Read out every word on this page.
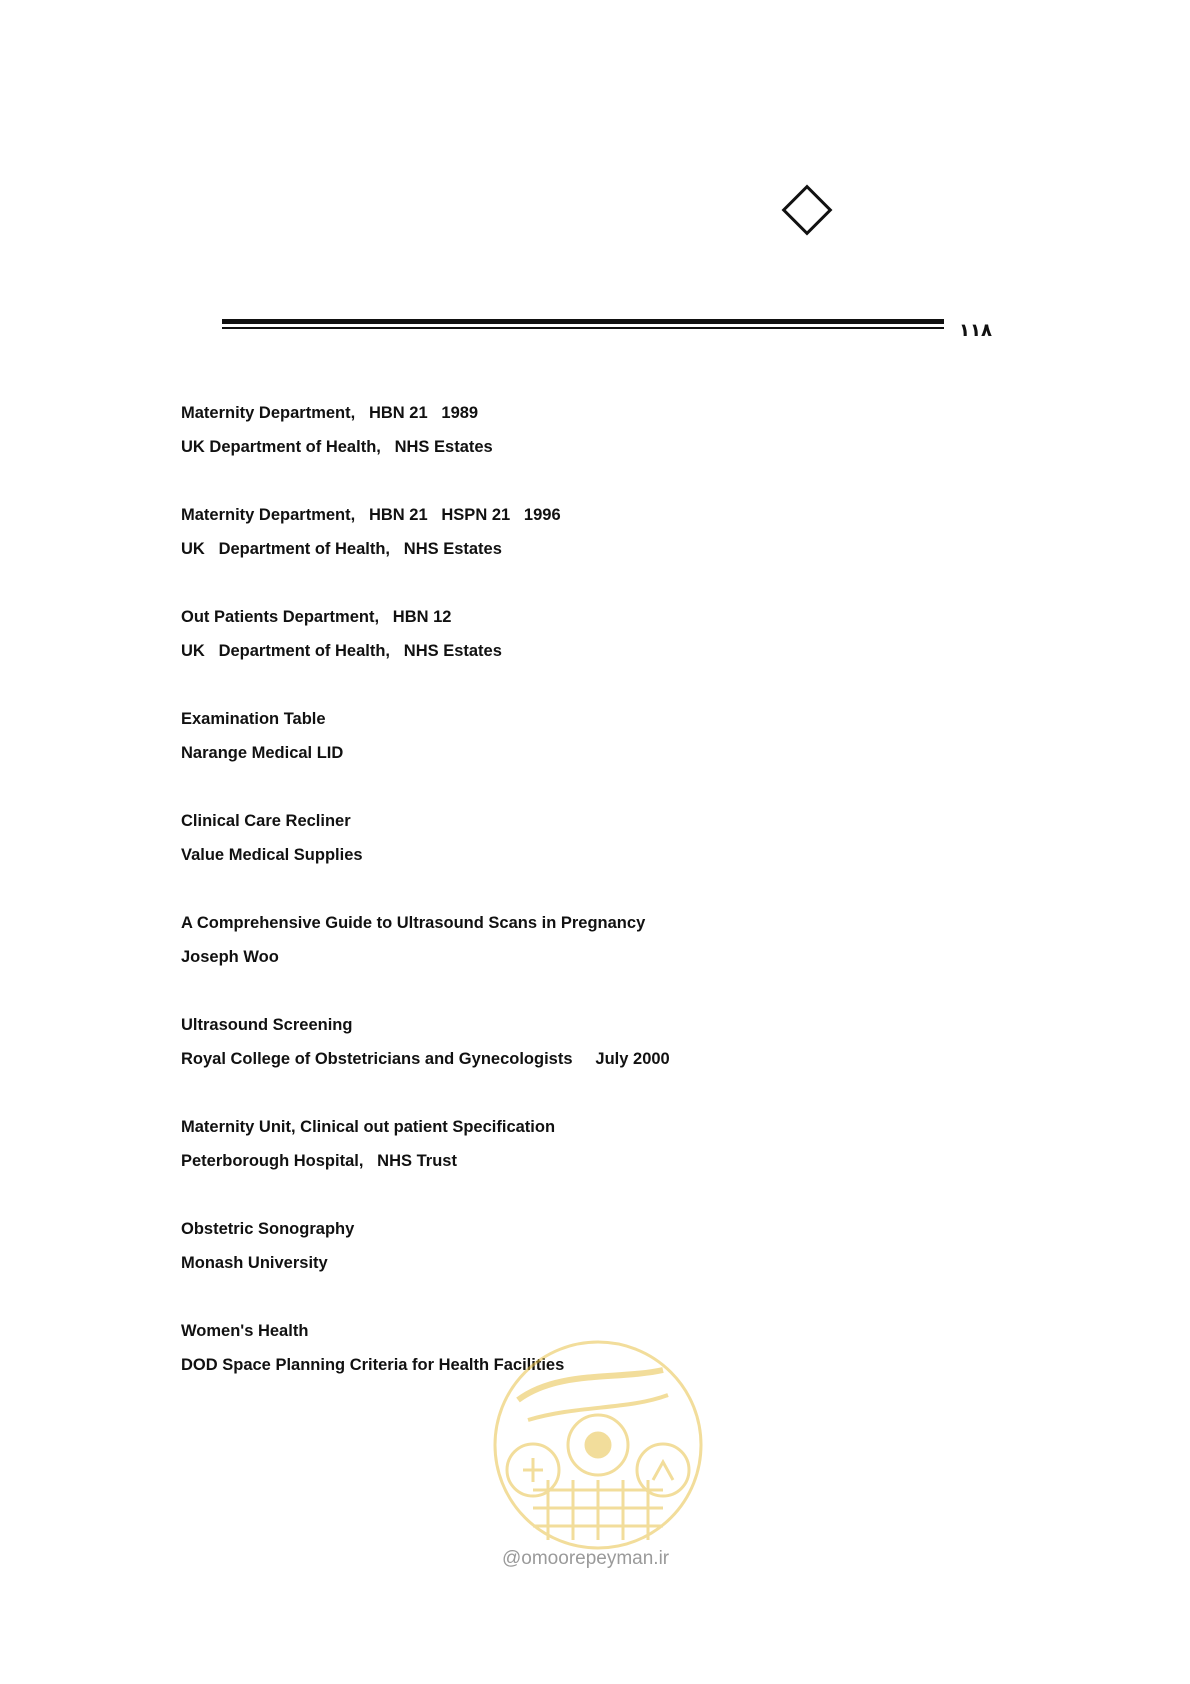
١١٨
Maternity Department,   HBN 21   1989
UK Department of Health,   NHS Estates
Maternity Department,   HBN 21   HSPN 21   1996
UK   Department of Health,   NHS Estates
Out Patients Department,   HBN 12
UK   Department of Health,   NHS Estates
Examination Table
Narange Medical LID
Clinical Care Recliner
Value Medical Supplies
A Comprehensive Guide to Ultrasound Scans in Pregnancy
Joseph Woo
Ultrasound Screening
Royal College of Obstetricians and Gynecologists     July 2000
Maternity Unit, Clinical out patient Specification
Peterborough Hospital,   NHS Trust
Obstetric Sonography
Monash University
Women's Health
DOD Space Planning Criteria for Health Facilities
@omoorepeyman.ir
